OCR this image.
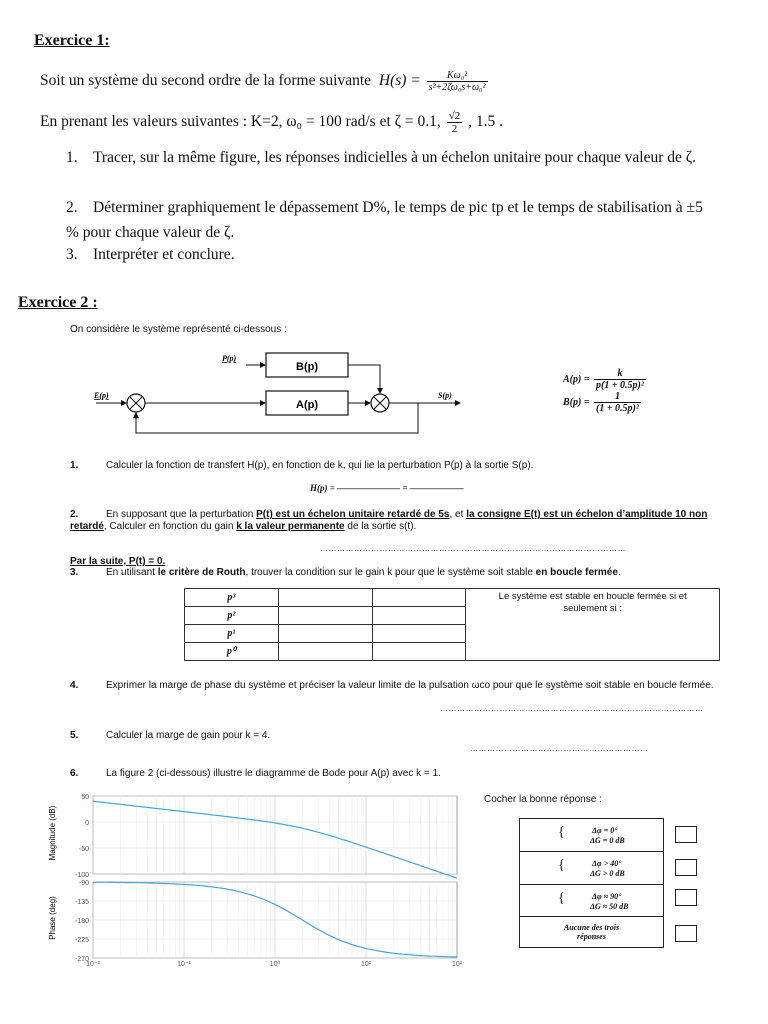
Exercice 1:
Soit un système du second ordre de la forme suivante $H(s) = \frac{\text{Kω₀²}}{\text{s²+2ζω₀s+ω₀²}}$
En prenant les valeurs suivantes : K=2, ω₀ = 100 rad/s et ζ = 0.1, $\frac{√2}{2}$ , 1.5 .
1. Tracer, sur la même figure, les réponses indicielles à un échelon unitaire pour chaque valeur de ζ.
2. Déterminer graphiquement le dépassement D%, le temps de pic tp et le temps de stabilisation à ±5 % pour chaque valeur de ζ.
3. Interpréter et conclure.
Exercice 2 :
On considère le système représenté ci-dessous :
B(p)
A(p)
P(p)
E(p)	S(p)
$A(p) = \frac{k}{\text{p(1 + 0.5p)²}}$
$B(p) = \frac{1}{\text{(1 + 0.5p)²}}$
1.	Calculer la fonction de transfert H(p), en fonction de k, qui lie la perturbation P(p) à la sortie S(p).
H(p) = ——————— = ——————
2.	En supposant que la perturbation P(t) est un échelon unitaire retardé de 5s, et la consigne E(t) est un échelon d’amplitude 10 non retardé, Calculer en fonction du gain k la valeur permanente de la sortie s(t).
………………………………………………………………………………………………
Par la suite, P(t) = 0.
3.	En utilisant le critère de Routh, trouver la condition sur le gain k pour que le système soit stable en boucle fermée.
p³			Le système est stable en boucle fermée si et seulement si :
p²			
p¹			
p⁰			
4.	Exprimer la marge de phase du système et préciser la valeur limite de la pulsation ωco pour que le système soit stable en boucle fermée.
…………………………………………………………………………………
5.	Calculer la marge de gain pour k = 4.
………………………………………………………
6.	La figure 2 (ci-dessous) illustre le diagramme de Bode pour A(p) avec k = 1.
Magnitude (dB)
Phase (deg)
50
0
-50
-100
-90
-135
-180
-225
-270
10⁻²	10⁻¹	10⁰	10¹	10²
Cocher la bonne réponse :
{	Δφ = 0°
ΔG = 0 dB
{	Δφ > 40°
ΔG > 0 dB
{	Δφ ≈ 90°
ΔG ≈ 50 dB
Aucune des trois
réponses
